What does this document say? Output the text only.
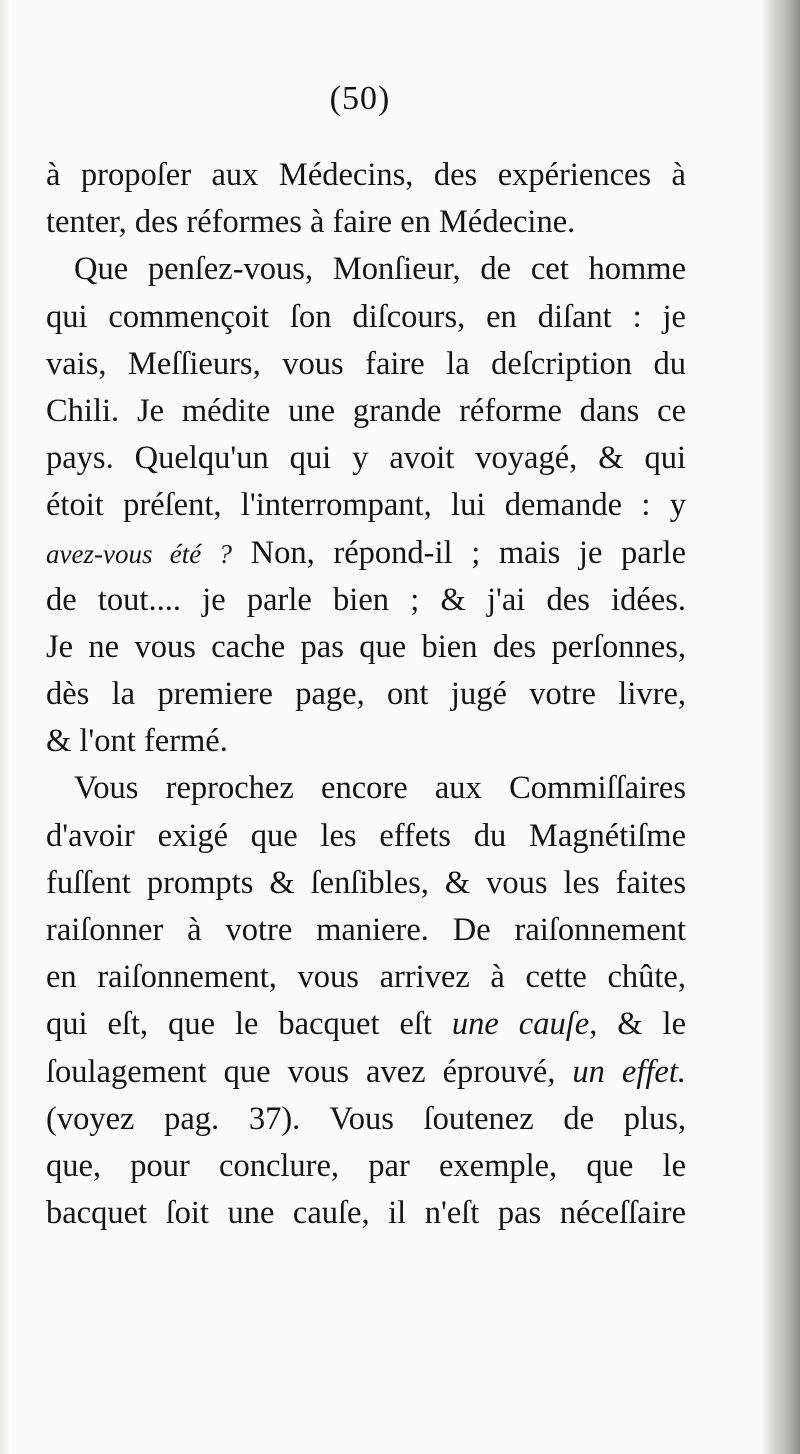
(50)
à propoſer aux Médecins, des expériences à
tenter, des réformes à faire en Médecine.
Que penſez-vous, Monſieur, de cet homme
qui commençoit ſon diſcours, en diſant : je
vais, Meſſieurs, vous faire la deſcription du
Chili. Je médite une grande réforme dans ce
pays. Quelqu'un qui y avoit voyagé, & qui
étoit préſent, l'interrompant, lui demande : y
avez-vous été ? Non, répond-il ; mais je parle
de tout.... je parle bien ; & j'ai des idées.
Je ne vous cache pas que bien des perſonnes,
dès la premiere page, ont jugé votre livre,
& l'ont fermé.
Vous reprochez encore aux Commiſſaires
d'avoir exigé que les effets du Magnétiſme
fuſſent prompts & ſenſibles, & vous les faites
raiſonner à votre maniere. De raiſonnement
en raiſonnement, vous arrivez à cette chûte,
qui eſt, que le bacquet eſt une cauſe, & le
ſoulagement que vous avez éprouvé, un effet.
(voyez pag. 37). Vous ſoutenez de plus,
que, pour conclure, par exemple, que le
bacquet ſoit une cauſe, il n'eſt pas néceſſaire
